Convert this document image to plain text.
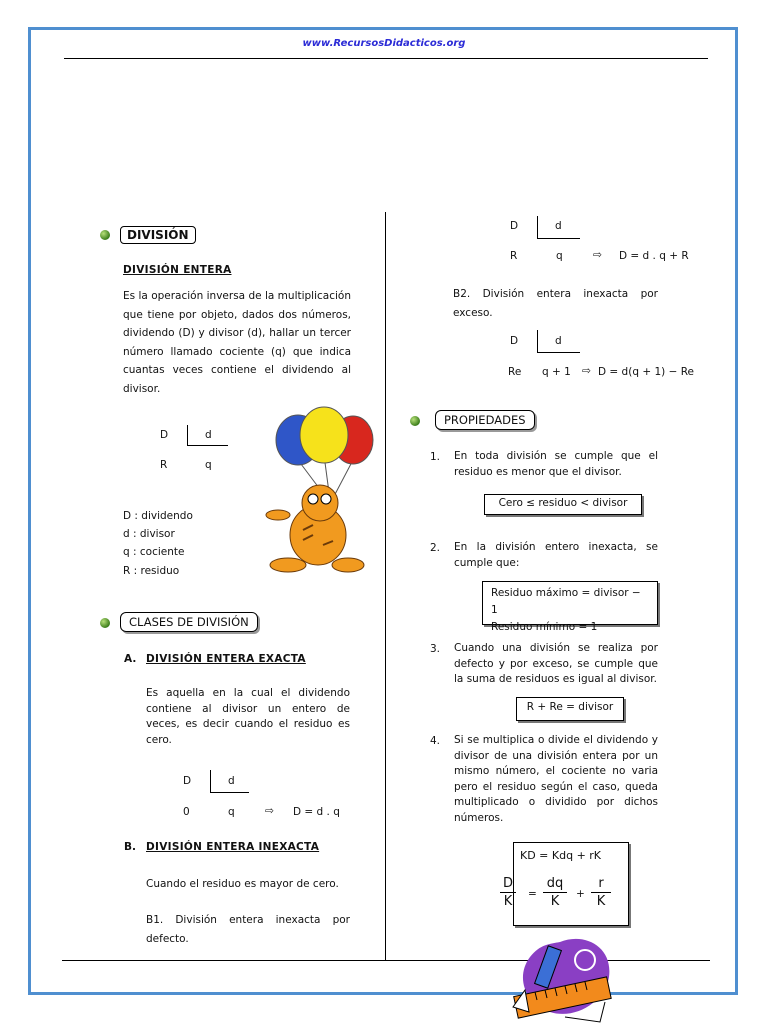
www.RecursosDidacticos.org
DIVISIÓN
DIVISIÓN ENTERA
Es la operación inversa de la multiplicación que tiene por objeto, dados dos números, dividendo (D) y divisor (d), hallar un tercer número llamado cociente (q) que indica cuantas veces contiene el dividendo al divisor.
D	d
R	q
D : dividendo
d : divisor
q : cociente
R : residuo
CLASES DE DIVISIÓN
A. DIVISIÓN ENTERA EXACTA
Es aquella en la cual el dividendo contiene al divisor un entero de veces, es decir cuando el residuo es cero.
D	d
0	q	⇨ D = d . q
B. DIVISIÓN ENTERA INEXACTA
Cuando el residuo es mayor de cero.
B1. División entera inexacta por defecto.
D	d
R	q	⇨ D = d . q + R
B2. División entera inexacta por exceso.
D	d
Re q + 1 ⇨ D = d(q + 1) − Re
PROPIEDADES
1. En toda división se cumple que el residuo es menor que el divisor.
Cero ≤ residuo < divisor
2. En la división entero inexacta, se cumple que:
Residuo máximo = divisor − 1
Residuo mínimo = 1
3. Cuando una división se realiza por defecto y por exceso, se cumple que la suma de residuos es igual al divisor.
R + Re = divisor
4. Si se multiplica o divide el dividendo y divisor de una división entera por un mismo número, el cociente no varia pero el residuo según el caso, queda multiplicado o dividido por dichos números.
KD = Kdq + rK
D
K	=
dq
K	+
r
K
